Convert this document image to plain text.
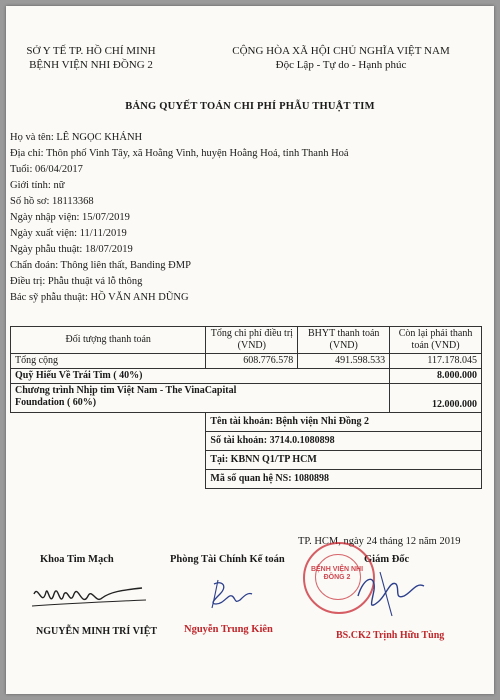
SỞ Y TẾ TP. HỒ CHÍ MINH
BỆNH VIỆN NHI ĐỒNG 2
CỘNG HÒA XÃ HỘI CHỦ NGHĨA VIỆT NAM
Độc Lập - Tự do - Hạnh phúc
BẢNG QUYẾT TOÁN CHI PHÍ PHẪU THUẬT TIM
Họ và tên: LÊ NGỌC KHÁNH
Địa chỉ: Thôn phố Vinh Tây, xã Hoằng Vinh, huyện Hoằng Hoá, tỉnh Thanh Hoá
Tuổi: 06/04/2017
Giới tính: nữ
Số hồ sơ: 18113368
Ngày nhập viện: 15/07/2019
Ngày xuất viện: 11/11/2019
Ngày phẫu thuật: 18/07/2019
Chẩn đoán: Thông liên thất, Banding ĐMP
Điều trị: Phẫu thuật vá lỗ thông
Bác sỹ phẫu thuật: HỒ VĂN ANH DŨNG
Đối tượng thanh toán	Tổng chi phí điều trị (VND)	BHYT thanh toán (VND)	Còn lại phải thanh toán (VND)
Tổng cộng	608.776.578	491.598.533	117.178.045
Quỹ Hiếu Về Trái Tim ( 40%)			8.000.000
Chương trình Nhịp tim Việt Nam - The VinaCapital Foundation ( 60%)			12.000.000
	Tên tài khoản: Bệnh viện Nhi Đồng 2		
	Số tài khoản: 3714.0.1080898		
	Tại: KBNN Q1/TP HCM		
	Mã số quan hệ NS: 1080898		
TP. HCM, ngày 24 tháng 12 năm 2019
Khoa Tim Mạch	Phòng Tài Chính Kế toán	Giám Đốc
BỆNH VIỆN NHI ĐỒNG 2
NGUYỄN MINH TRÍ VIỆT	Nguyễn Trung Kiên
BS.CK2 Trịnh Hữu Tùng
